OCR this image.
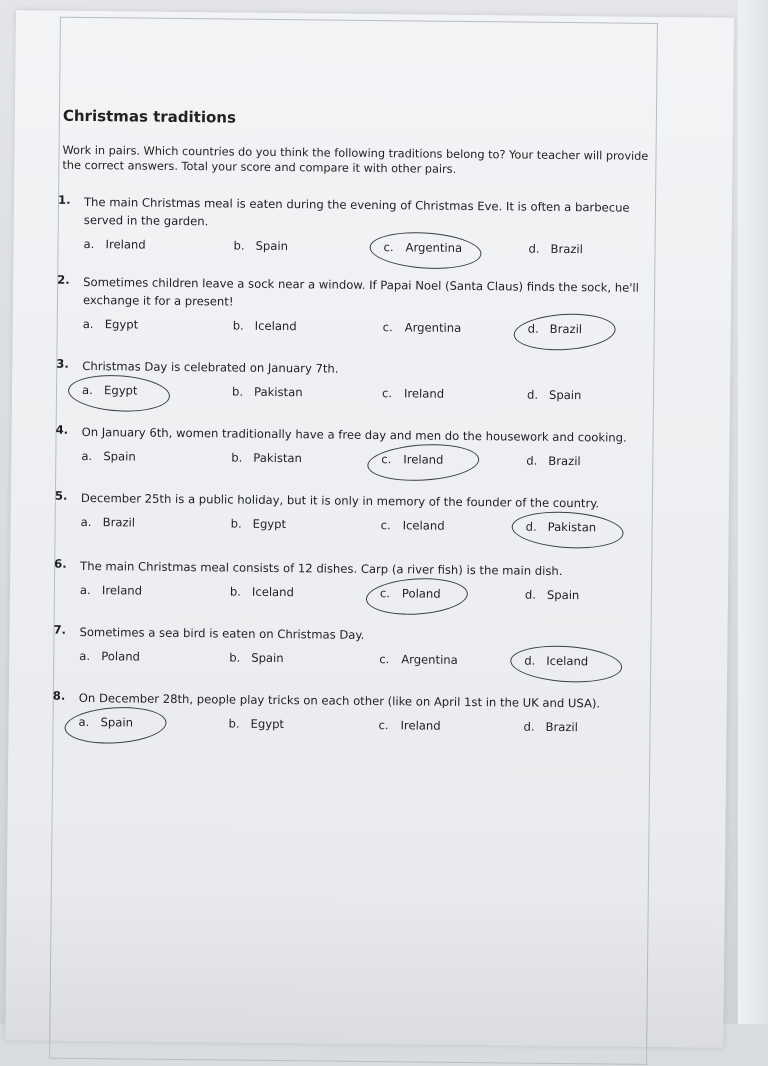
Christmas traditions
Work in pairs. Which countries do you think the following traditions belong to? Your teacher will provide the correct answers. Total your score and compare it with other pairs.
1. The main Christmas meal is eaten during the evening of Christmas Eve. It is often a barbecue served in the garden.
a. Ireland	b. Spain	c. Argentina	d. Brazil
2. Sometimes children leave a sock near a window. If Papai Noel (Santa Claus) finds the sock, he'll exchange it for a present!
a. Egypt	b. Iceland	c. Argentina	d. Brazil
3. Christmas Day is celebrated on January 7th.
a. Egypt	b. Pakistan	c. Ireland	d. Spain
4. On January 6th, women traditionally have a free day and men do the housework and cooking.
a. Spain	b. Pakistan	c. Ireland	d. Brazil
5. December 25th is a public holiday, but it is only in memory of the founder of the country.
a. Brazil	b. Egypt	c. Iceland	d. Pakistan
6. The main Christmas meal consists of 12 dishes. Carp (a river fish) is the main dish.
a. Ireland	b. Iceland	c. Poland	d. Spain
7. Sometimes a sea bird is eaten on Christmas Day.
a. Poland	b. Spain	c. Argentina	d. Iceland
8. On December 28th, people play tricks on each other (like on April 1st in the UK and USA).
a. Spain	b. Egypt	c. Ireland	d. Brazil
